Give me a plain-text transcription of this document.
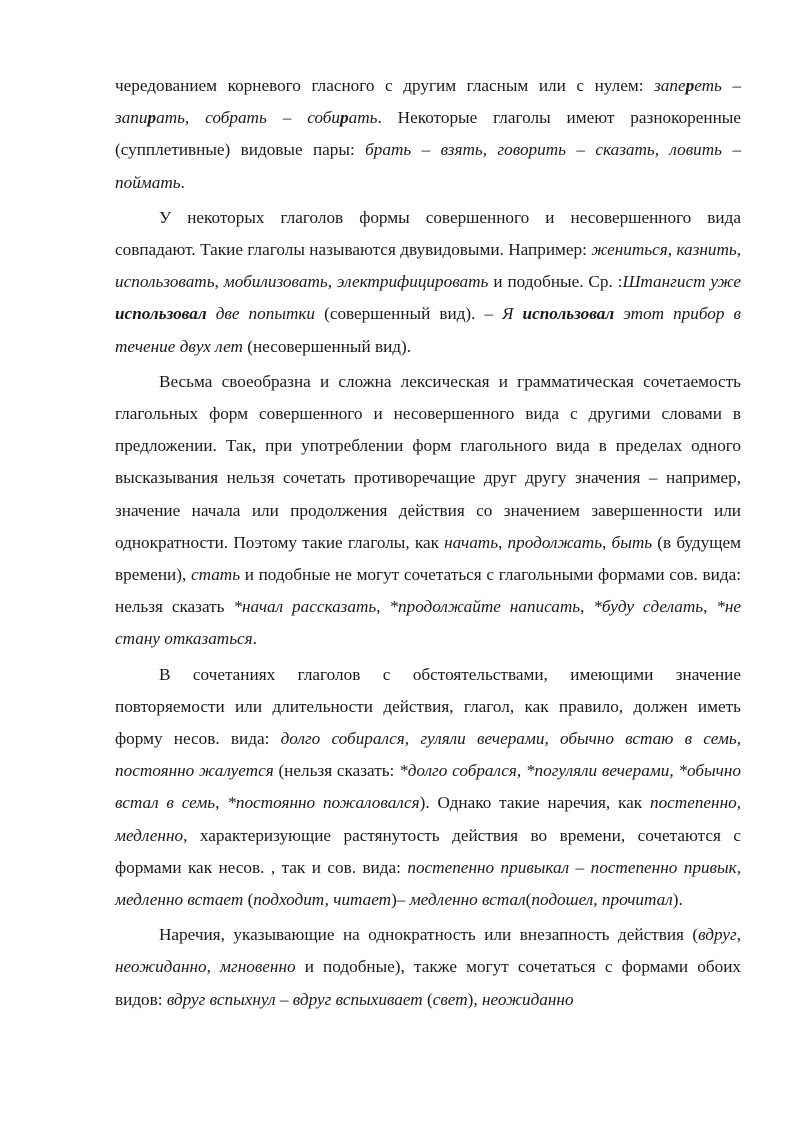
чередованием корневого гласного с другим гласным или с нулем: запереть – запирать, собрать – собирать. Некоторые глаголы имеют разнокоренные (супплетивные) видовые пары: брать – взять, говорить – сказать, ловить – поймать.

У некоторых глаголов формы совершенного и несовершенного вида совпадают. Такие глаголы называются двувидовыми. Например: жениться, казнить, использовать, мобилизовать, электрифицировать и подобные. Ср. :Штангист уже использовал две попытки (совершенный вид). – Я использовал этот прибор в течение двух лет (несовершенный вид).

Весьма своеобразна и сложна лексическая и грамматическая сочетаемость глагольных форм совершенного и несовершенного вида с другими словами в предложении. Так, при употреблении форм глагольного вида в пределах одного высказывания нельзя сочетать противоречащие друг другу значения – например, значение начала или продолжения действия со значением завершенности или однократности. Поэтому такие глаголы, как начать, продолжать, быть (в будущем времени), стать и подобные не могут сочетаться с глагольными формами сов. вида: нельзя сказать *начал рассказать, *продолжайте написать, *буду сделать, *не стану отказаться.

В сочетаниях глаголов с обстоятельствами, имеющими значение повторяемости или длительности действия, глагол, как правило, должен иметь форму несов. вида: долго собирался, гуляли вечерами, обычно встаю в семь, постоянно жалуется (нельзя сказать: *долго собрался, *погуляли вечерами, *обычно встал в семь, *постоянно пожаловался). Однако такие наречия, как постепенно, медленно, характеризующие растянутость действия во времени, сочетаются с формами как несов. , так и сов. вида: постепенно привыкал – постепенно привык, медленно встает (подходит, читает)– медленно встал(подошел, прочитал).

Наречия, указывающие на однократность или внезапность действия (вдруг, неожиданно, мгновенно и подобные), также могут сочетаться с формами обоих видов: вдруг вспыхнул – вдруг вспыхивает (свет), неожиданно
